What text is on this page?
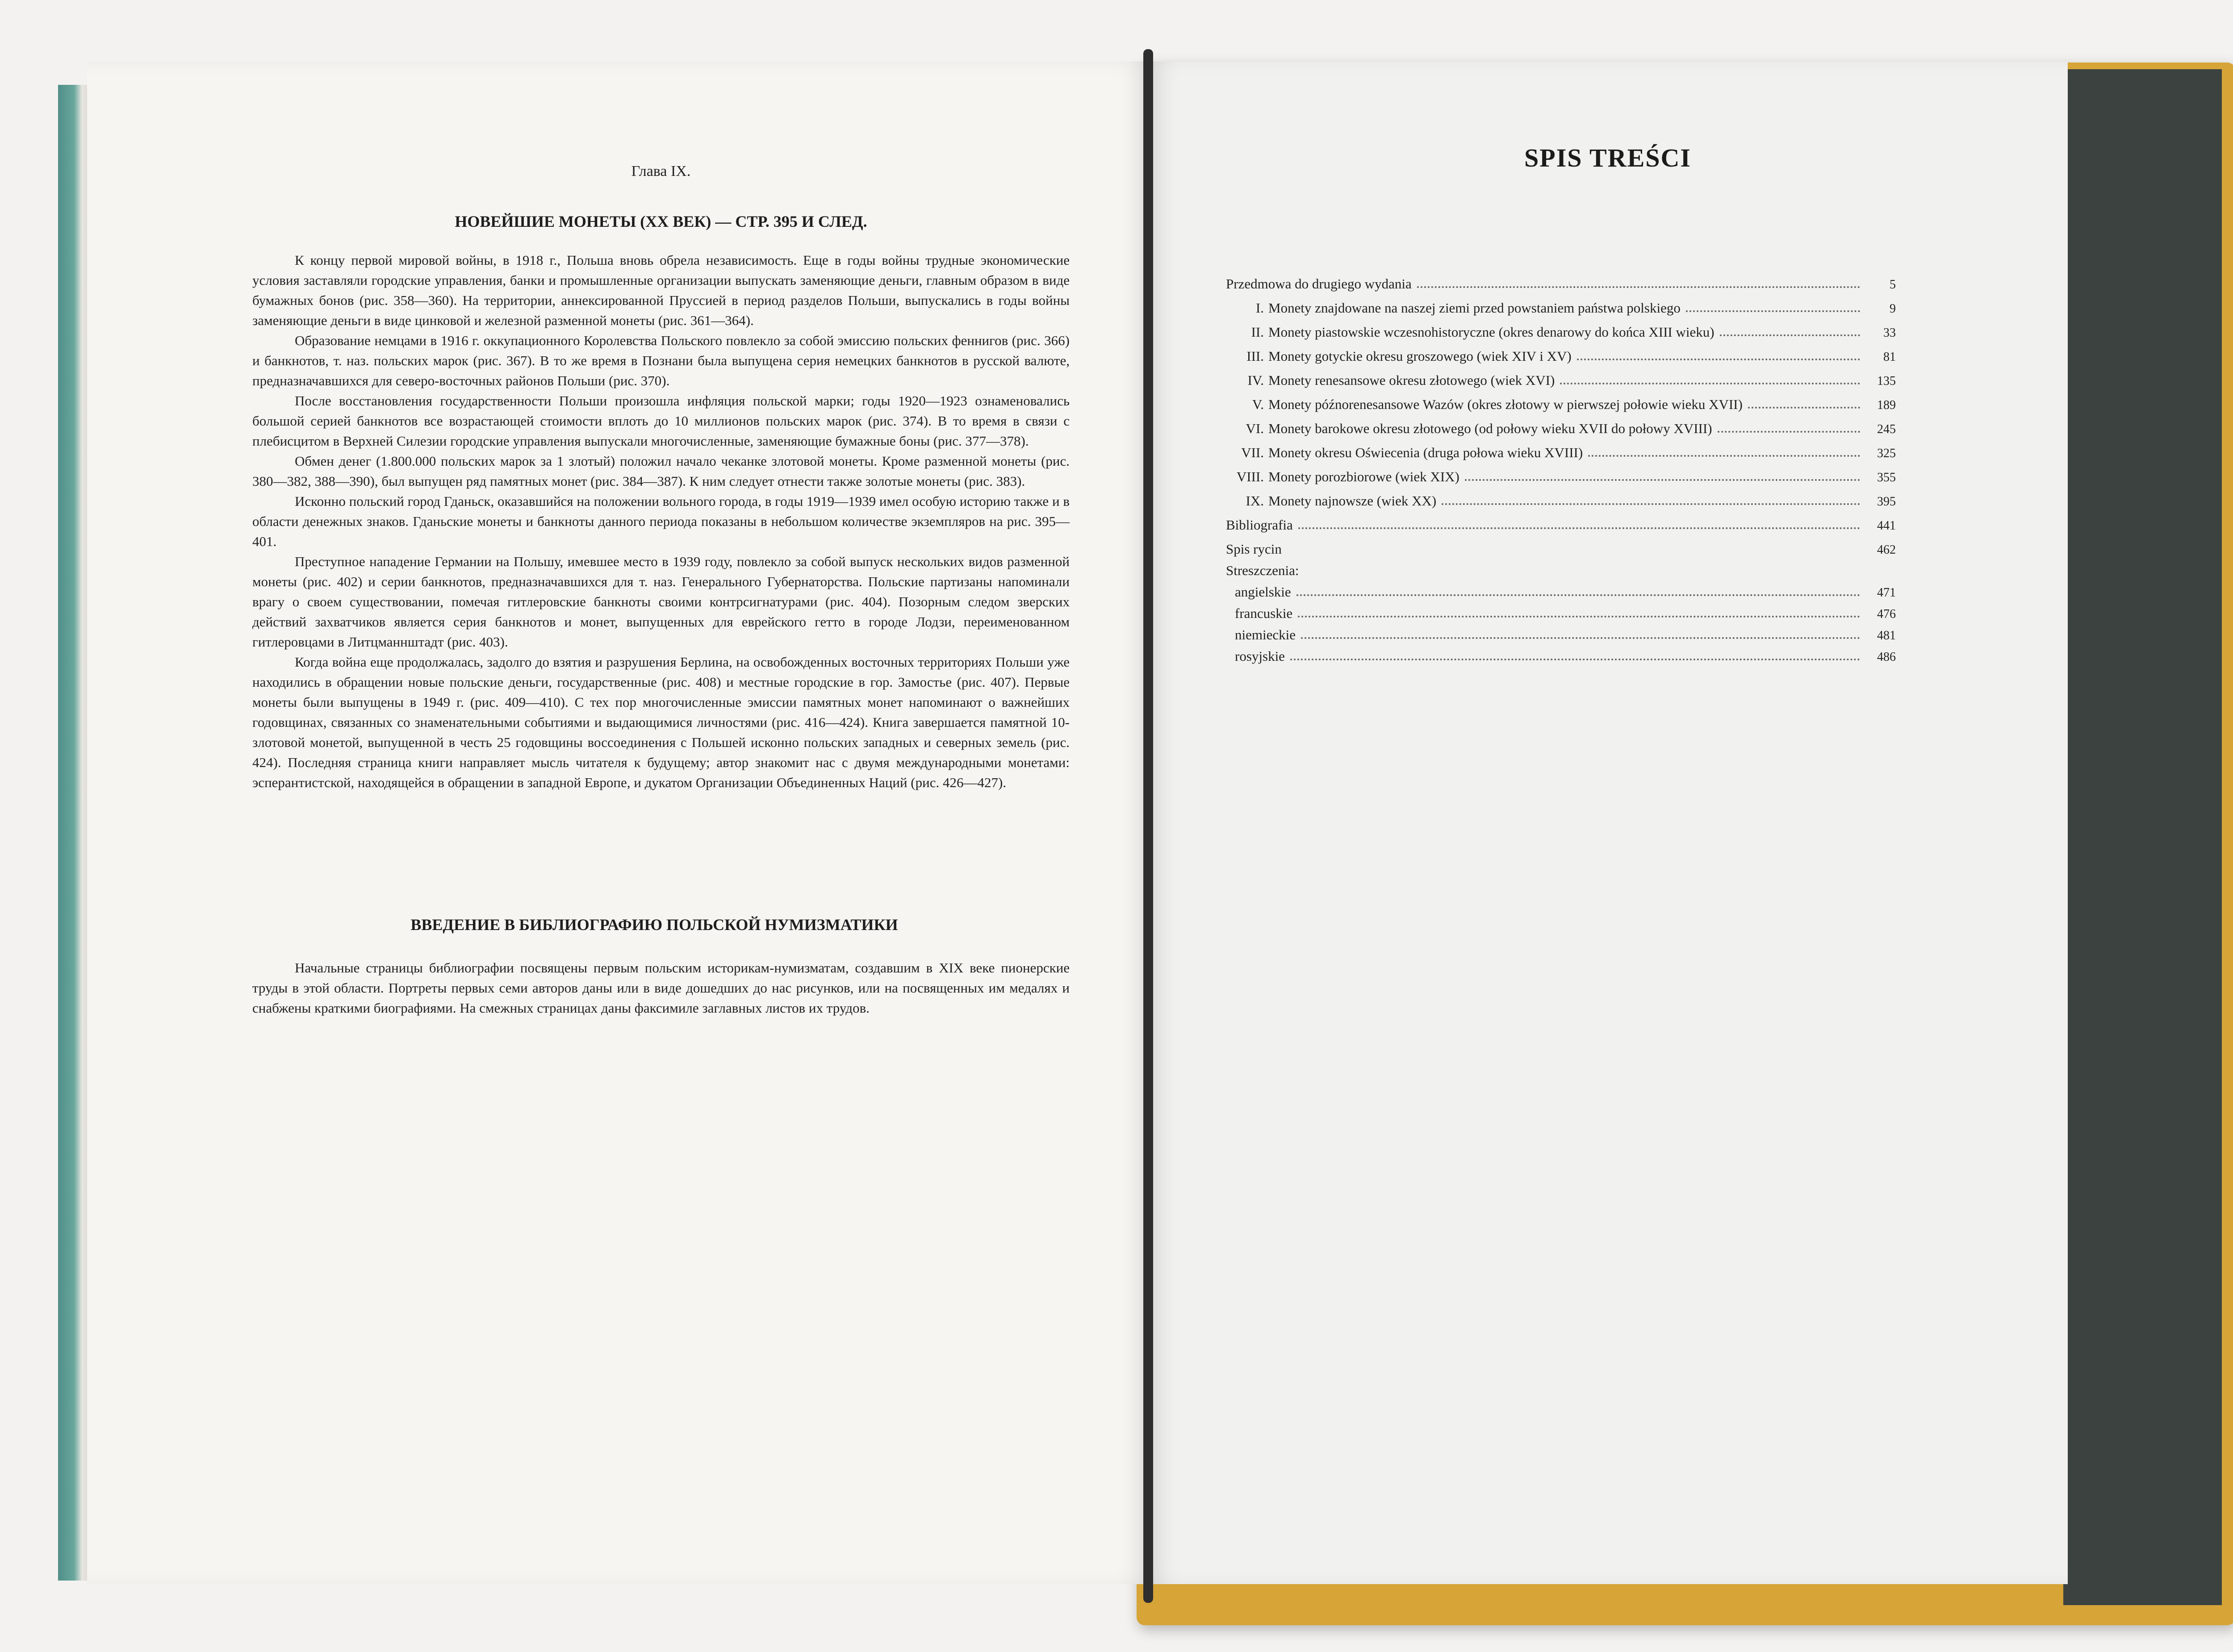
Глава IX.
НОВЕЙШИЕ МОНЕТЫ (XX ВЕК) — СТР. 395 И СЛЕД.

К концу первой мировой войны, в 1918 г., Польша вновь обрела независимость. Еще в годы войны трудные экономические условия заставляли городские управления, банки и промышленные организации выпускать заменяющие деньги, главным образом в виде бумажных бонов (рис. 358—360). На территории, аннексированной Пруссией в период разделов Польши, выпускались в годы войны заменяющие деньги в виде цинковой и железной разменной монеты (рис. 361—364).

Образование немцами в 1916 г. оккупационного Королевства Польского повлекло за собой эмиссию польских феннигов (рис. 366) и банкнотов, т. наз. польских марок (рис. 367). В то же время в Познани была выпущена серия немецких банкнотов в русской валюте, предназначавшихся для северо-восточных районов Польши (рис. 370).

После восстановления государственности Польши произошла инфляция польской марки; годы 1920—1923 ознаменовались большой серией банкнотов все возрастающей стоимости вплоть до 10 миллионов польских марок (рис. 374). В то время в связи с плебисцитом в Верхней Силезии городские управления выпускали многочисленные, заменяющие бумажные боны (рис. 377—378).

Обмен денег (1.800.000 польских марок за 1 злотый) положил начало чеканке злотовой монеты. Кроме разменной монеты (рис. 380—382, 388—390), был выпущен ряд памятных монет (рис. 384—387). К ним следует отнести также золотые монеты (рис. 383).

Исконно польский город Гданьск, оказавшийся на положении вольного города, в годы 1919—1939 имел особую историю также и в области денежных знаков. Гданьские монеты и банкноты данного периода показаны в небольшом количестве экземпляров на рис. 395—401.

Преступное нападение Германии на Польшу, имевшее место в 1939 году, повлекло за собой выпуск нескольких видов разменной монеты (рис. 402) и серии банкнотов, предназначавшихся для т. наз. Генерального Губернаторства. Польские партизаны напоминали врагу о своем существовании, помечая гитлеровские банкноты своими контрсигнатурами (рис. 404). Позорным следом зверских действий захватчиков является серия банкнотов и монет, выпущенных для еврейского гетто в городе Лодзи, переименованном гитлеровцами в Литцманнштадт (рис. 403).

Когда война еще продолжалась, задолго до взятия и разрушения Берлина, на освобожденных восточных территориях Польши уже находились в обращении новые польские деньги, государственные (рис. 408) и местные городские в гор. Замостье (рис. 407). Первые монеты были выпущены в 1949 г. (рис. 409—410). С тех пор многочисленные эмиссии памятных монет напоминают о важнейших годовщинах, связанных со знаменательными событиями и выдающимися личностями (рис. 416—424). Книга завершается памятной 10-злотовой монетой, выпущенной в честь 25 годовщины воссоединения с Польшей исконно польских западных и северных земель (рис. 424). Последняя страница книги направляет мысль читателя к будущему; автор знакомит нас с двумя международными монетами: эсперантистской, находящейся в обращении в западной Европе, и дукатом Организации Объединенных Наций (рис. 426—427).

ВВЕДЕНИЕ В БИБЛИОГРАФИЮ ПОЛЬСКОЙ НУМИЗМАТИКИ

Начальные страницы библиографии посвящены первым польским историкам-нумизматам, создавшим в XIX веке пионерские труды в этой области. Портреты первых семи авторов даны или в виде дошедших до нас рисунков, или на посвященных им медалях и снабжены краткими биографиями. На смежных страницах даны факсимиле заглавных листов их трудов.

SPIS TREŚCI
Przedmowa do drugiego wydania	5
I. Monety znajdowane na naszej ziemi przed powstaniem państwa polskiego	9
II. Monety piastowskie wczesnohistoryczne (okres denarowy do końca XIII wieku)	33
III. Monety gotyckie okresu groszowego (wiek XIV i XV)	81
IV. Monety renesansowe okresu złotowego (wiek XVI)	135
V. Monety późnorenesansowe Wazów (okres złotowy w pierwszej połowie wieku XVII)	189
VI. Monety barokowe okresu złotowego (od połowy wieku XVII do połowy XVIII)	245
VII. Monety okresu Oświecenia (druga połowa wieku XVIII)	325
VIII. Monety porozbiorowe (wiek XIX)	355
IX. Monety najnowsze (wiek XX)	395
Bibliografia	441
Spis rycin	462
Streszczenia:
angielskie	471
francuskie	476
niemieckie	481
rosyjskie	486
